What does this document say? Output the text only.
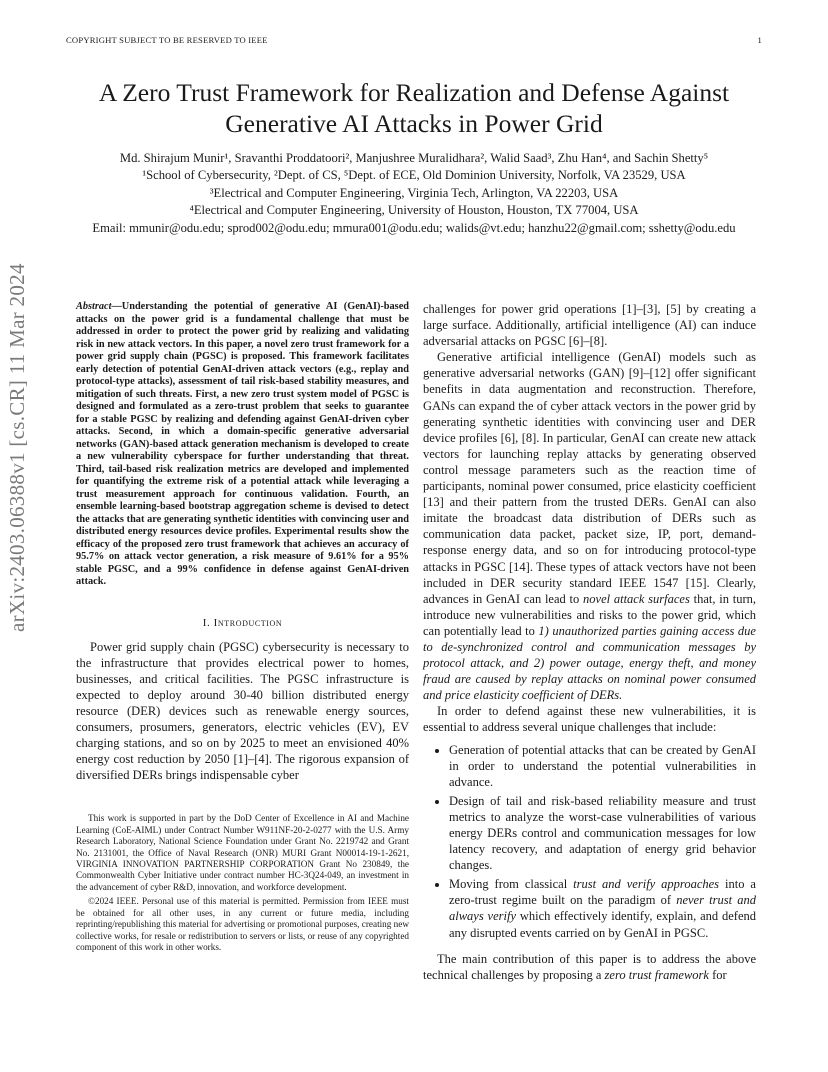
COPYRIGHT SUBJECT TO BE RESERVED TO IEEE	1
arXiv:2403.06388v1 [cs.CR] 11 Mar 2024
A Zero Trust Framework for Realization and Defense Against Generative AI Attacks in Power Grid

Md. Shirajum Munir¹, Sravanthi Proddatoori², Manjushree Muralidhara², Walid Saad³, Zhu Han⁴, and Sachin Shetty⁵

¹School of Cybersecurity, ²Dept. of CS, ⁵Dept. of ECE, Old Dominion University, Norfolk, VA 23529, USA

³Electrical and Computer Engineering, Virginia Tech, Arlington, VA 22203, USA

⁴Electrical and Computer Engineering, University of Houston, Houston, TX 77004, USA

Email: mmunir@odu.edu; sprod002@odu.edu; mmura001@odu.edu; walids@vt.edu; hanzhu22@gmail.com; sshetty@odu.edu

Abstract—Understanding the potential of generative AI (GenAI)-based attacks on the power grid is a fundamental challenge that must be addressed in order to protect the power grid by realizing and validating risk in new attack vectors. In this paper, a novel zero trust framework for a power grid supply chain (PGSC) is proposed. This framework facilitates early detection of potential GenAI-driven attack vectors (e.g., replay and protocol-type attacks), assessment of tail risk-based stability measures, and mitigation of such threats. First, a new zero trust system model of PGSC is designed and formulated as a zero-trust problem that seeks to guarantee for a stable PGSC by realizing and defending against GenAI-driven cyber attacks. Second, in which a domain-specific generative adversarial networks (GAN)-based attack generation mechanism is developed to create a new vulnerability cyberspace for further understanding that threat. Third, tail-based risk realization metrics are developed and implemented for quantifying the extreme risk of a potential attack while leveraging a trust measurement approach for continuous validation. Fourth, an ensemble learning-based bootstrap aggregation scheme is devised to detect the attacks that are generating synthetic identities with convincing user and distributed energy resources device profiles. Experimental results show the efficacy of the proposed zero trust framework that achieves an accuracy of 95.7% on attack vector generation, a risk measure of 9.61% for a 95% stable PGSC, and a 99% confidence in defense against GenAI-driven attack.

I. Introduction

Power grid supply chain (PGSC) cybersecurity is necessary to the infrastructure that provides electrical power to homes, businesses, and critical facilities. The PGSC infrastructure is expected to deploy around 30-40 billion distributed energy resource (DER) devices such as renewable energy sources, consumers, prosumers, generators, electric vehicles (EV), EV charging stations, and so on by 2025 to meet an envisioned 40% energy cost reduction by 2050 [1]–[4]. The rigorous expansion of diversified DERs brings indispensable cyber

This work is supported in part by the DoD Center of Excellence in AI and Machine Learning (CoE-AIML) under Contract Number W911NF-20-2-0277 with the U.S. Army Research Laboratory, National Science Foundation under Grant No. 2219742 and Grant No. 2131001, the Office of Naval Research (ONR) MURI Grant N00014-19-1-2621, VIRGINIA INNOVATION PARTNERSHIP CORPORATION Grant No 230849, the Commonwealth Cyber Initiative under contract number HC-3Q24-049, an investment in the advancement of cyber R&D, innovation, and workforce development.

©2024 IEEE. Personal use of this material is permitted. Permission from IEEE must be obtained for all other uses, in any current or future media, including reprinting/republishing this material for advertising or promotional purposes, creating new collective works, for resale or redistribution to servers or lists, or reuse of any copyrighted component of this work in other works.

challenges for power grid operations [1]–[3], [5] by creating a large surface. Additionally, artificial intelligence (AI) can induce adversarial attacks on PGSC [6]–[8].

Generative artificial intelligence (GenAI) models such as generative adversarial networks (GAN) [9]–[12] offer significant benefits in data augmentation and reconstruction. Therefore, GANs can expand the of cyber attack vectors in the power grid by generating synthetic identities with convincing user and DER device profiles [6], [8]. In particular, GenAI can create new attack vectors for launching replay attacks by generating observed control message parameters such as the reaction time of participants, nominal power consumed, price elasticity coefficient [13] and their pattern from the trusted DERs. GenAI can also imitate the broadcast data distribution of DERs such as communication data packet, packet size, IP, port, demand-response energy data, and so on for introducing protocol-type attacks in PGSC [14]. These types of attack vectors have not been included in DER security standard IEEE 1547 [15]. Clearly, advances in GenAI can lead to novel attack surfaces that, in turn, introduce new vulnerabilities and risks to the power grid, which can potentially lead to 1) unauthorized parties gaining access due to de-synchronized control and communication messages by protocol attack, and 2) power outage, energy theft, and money fraud are caused by replay attacks on nominal power consumed and price elasticity coefficient of DERs.

In order to defend against these new vulnerabilities, it is essential to address several unique challenges that include:

• Generation of potential attacks that can be created by GenAI in order to understand the potential vulnerabilities in advance.
• Design of tail and risk-based reliability measure and trust metrics to analyze the worst-case vulnerabilities of various energy DERs control and communication messages for low latency recovery, and adaptation of energy grid behavior changes.
• Moving from classical trust and verify approaches into a zero-trust regime built on the paradigm of never trust and always verify which effectively identify, explain, and defend any disrupted events carried on by GenAI in PGSC.

The main contribution of this paper is to address the above technical challenges by proposing a zero trust framework for
